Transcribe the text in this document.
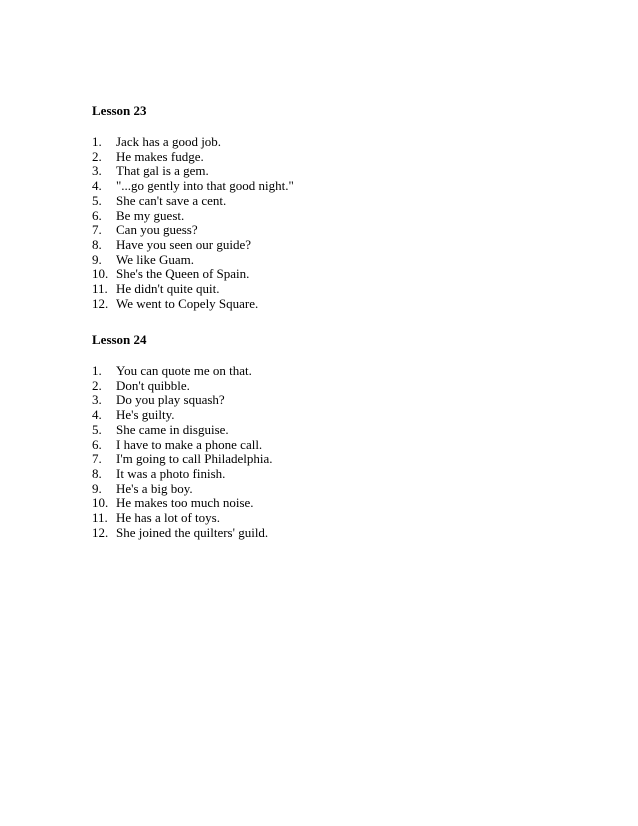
Lesson 23
1.	Jack has a good job.
2.	He makes fudge.
3.	That gal is a gem.
4.	"...go gently into that good night."
5.	She can't save a cent.
6.	Be my guest.
7.	Can you guess?
8.	Have you seen our guide?
9.	We like Guam.
10. She's the Queen of Spain.
11. He didn't quite quit.
12. We went to Copely Square.
Lesson 24
1.	You can quote me on that.
2.	Don't quibble.
3.	Do you play squash?
4.	He's guilty.
5.	She came in disguise.
6.	I have to make a phone call.
7.	I'm going to call Philadelphia.
8.	It was a photo finish.
9.	He's a big boy.
10. He makes too much noise.
11. He has a lot of toys.
12. She joined the quilters' guild.
